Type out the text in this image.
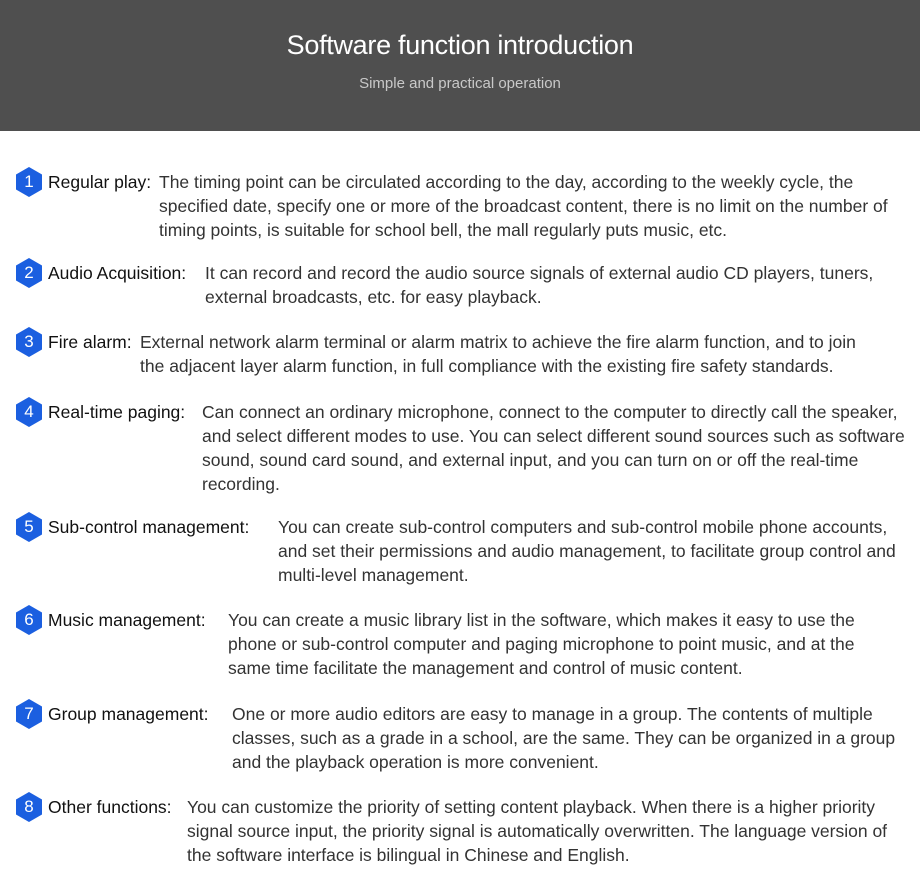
Software function introduction
Simple and practical operation
1 Regular play: The timing point can be circulated according to the day, according to the weekly cycle, the specified date, specify one or more of the broadcast content, there is no limit on the number of timing points, is suitable for school bell, the mall regularly puts music, etc.
2 Audio Acquisition: It can record and record the audio source signals of external audio CD players, tuners, external broadcasts, etc. for easy playback.
3 Fire alarm: External network alarm terminal or alarm matrix to achieve the fire alarm function, and to join the adjacent layer alarm function, in full compliance with the existing fire safety standards.
4 Real-time paging: Can connect an ordinary microphone, connect to the computer to directly call the speaker, and select different modes to use. You can select different sound sources such as software sound, sound card sound, and external input, and you can turn on or off the real-time recording.
5 Sub-control management: You can create sub-control computers and sub-control mobile phone accounts, and set their permissions and audio management, to facilitate group control and multi-level management.
6 Music management: You can create a music library list in the software, which makes it easy to use the phone or sub-control computer and paging microphone to point music, and at the same time facilitate the management and control of music content.
7 Group management: One or more audio editors are easy to manage in a group. The contents of multiple classes, such as a grade in a school, are the same. They can be organized in a group and the playback operation is more convenient.
8 Other functions: You can customize the priority of setting content playback. When there is a higher priority signal source input, the priority signal is automatically overwritten. The language version of the software interface is bilingual in Chinese and English.
